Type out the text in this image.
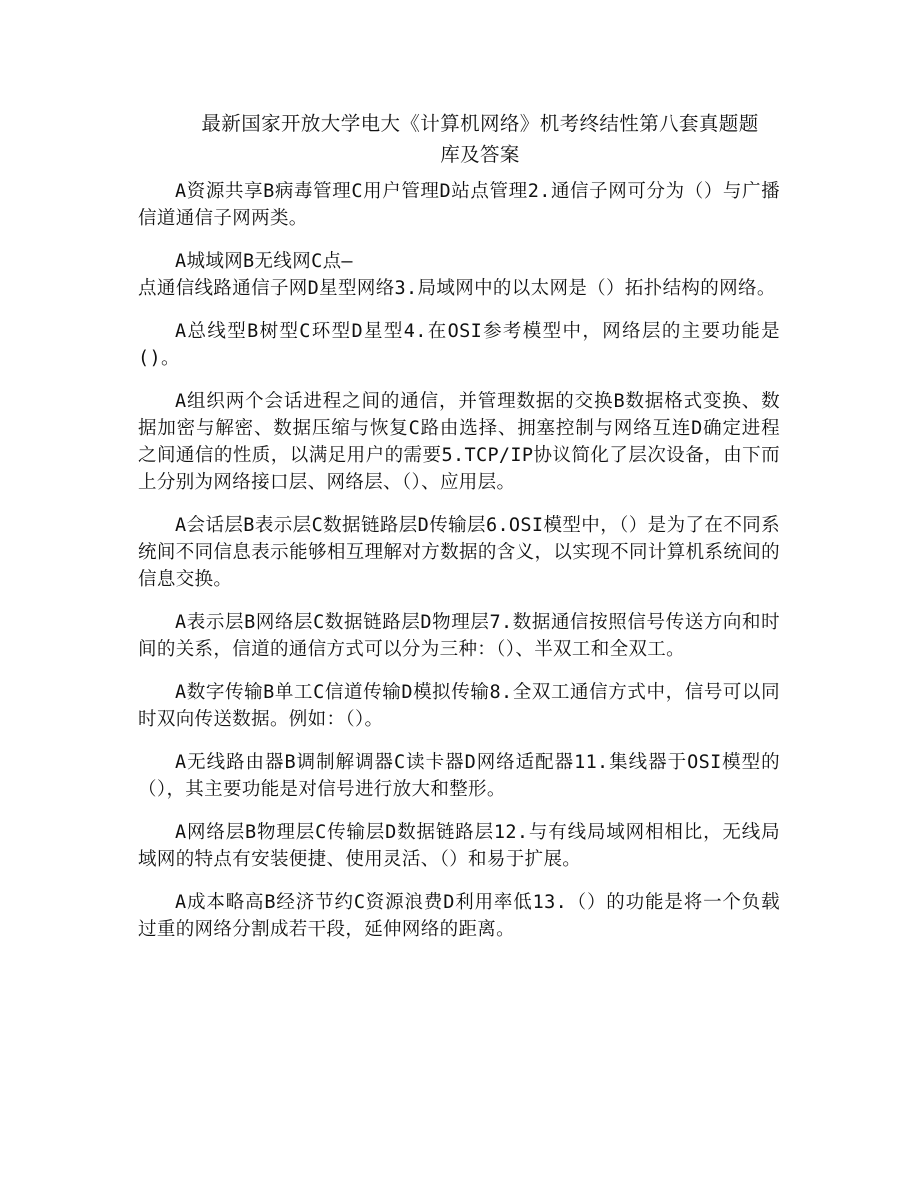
最新国家开放大学电大《计算机网络》机考终结性第八套真题题
库及答案

A资源共享B病毒管理C用户管理D站点管理2.通信子网可分为（）与广播信道通信子网两类。

A城域网B无线网C点—
点通信线路通信子网D星型网络3.局域网中的以太网是（）拓扑结构的网络。

A总线型B树型C环型D星型4.在OSI参考模型中，网络层的主要功能是()。

A组织两个会话进程之间的通信，并管理数据的交换B数据格式变换、数据加密与解密、数据压缩与恢复C路由选择、拥塞控制与网络互连D确定进程之间通信的性质，以满足用户的需要5.TCP/IP协议简化了层次设备，由下而上分别为网络接口层、网络层、（）、应用层。

A会话层B表示层C数据链路层D传输层6.OSI模型中，（）是为了在不同系统间不同信息表示能够相互理解对方数据的含义，以实现不同计算机系统间的信息交换。

A表示层B网络层C数据链路层D物理层7.数据通信按照信号传送方向和时间的关系，信道的通信方式可以分为三种：（）、半双工和全双工。

A数字传输B单工C信道传输D模拟传输8.全双工通信方式中，信号可以同时双向传送数据。例如：（）。

A无线路由器B调制解调器C读卡器D网络适配器11.集线器于OSI模型的（），其主要功能是对信号进行放大和整形。

A网络层B物理层C传输层D数据链路层12.与有线局域网相相比，无线局域网的特点有安装便捷、使用灵活、（）和易于扩展。

A成本略高B经济节约C资源浪费D利用率低13.（）的功能是将一个负载过重的网络分割成若干段，延伸网络的距离。
